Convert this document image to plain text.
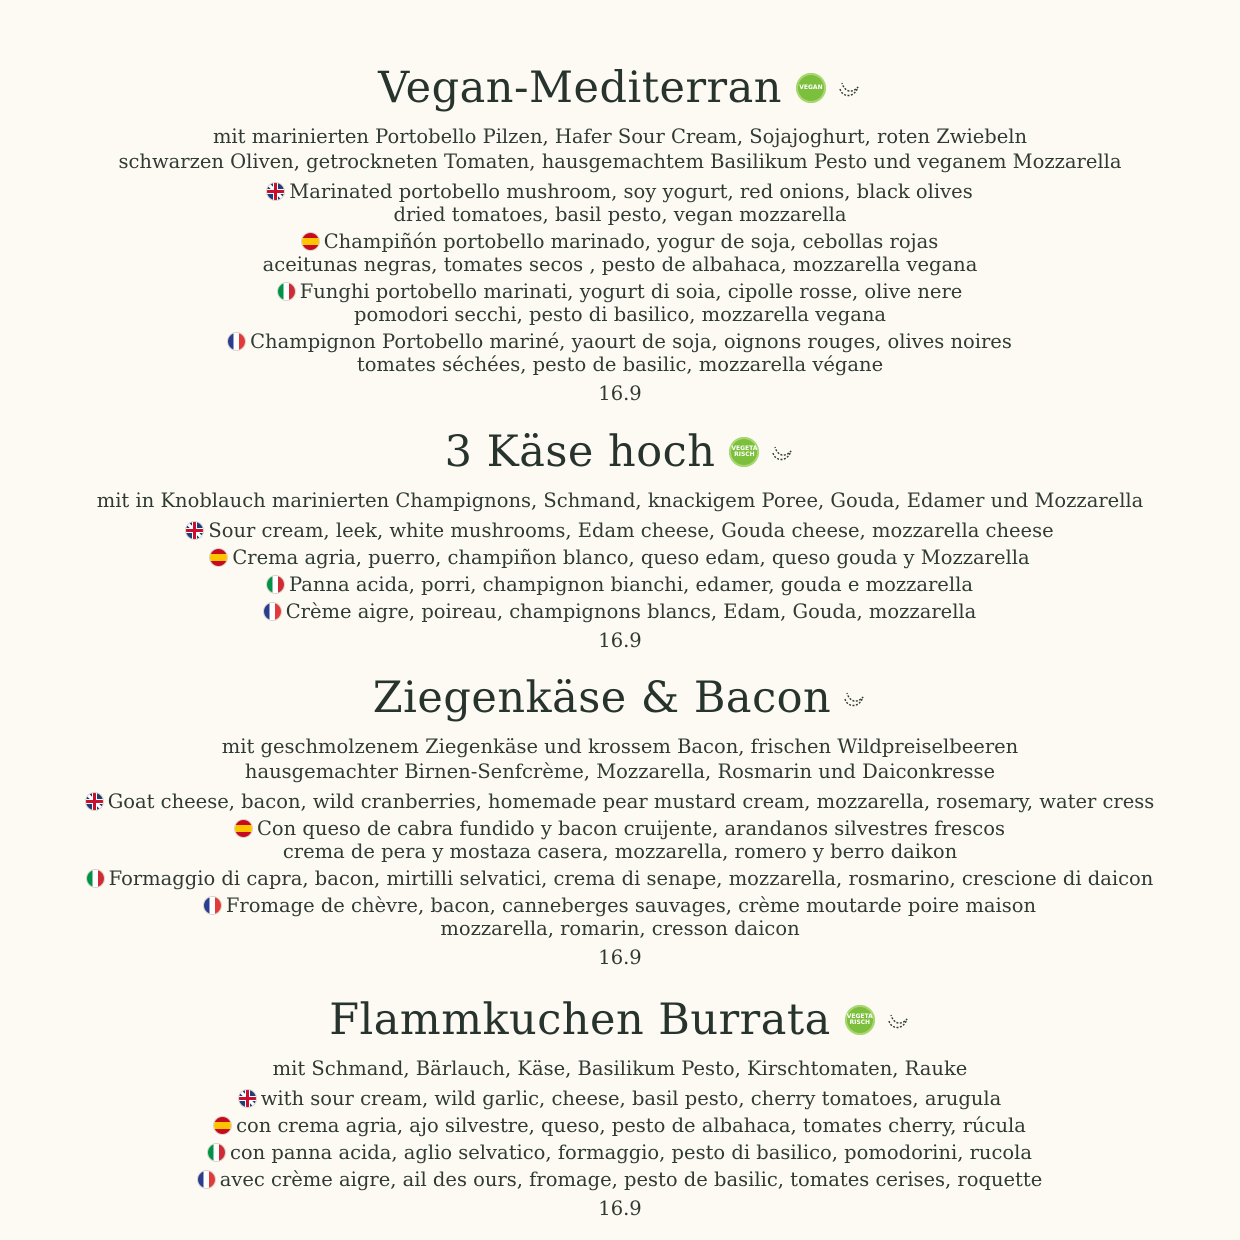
Vegan-Mediterran	VEGAN
mit marinierten Portobello Pilzen, Hafer Sour Cream, Sojajoghurt, roten Zwiebeln
schwarzen Oliven, getrockneten Tomaten, hausgemachtem Basilikum Pesto und veganem Mozzarella
Marinated portobello mushroom, soy yogurt, red onions, black olives
dried tomatoes, basil pesto, vegan mozzarella
Champiñón portobello marinado, yogur de soja, cebollas rojas
aceitunas negras, tomates secos , pesto de albahaca, mozzarella vegana
Funghi portobello marinati, yogurt di soia, cipolle rosse, olive nere
pomodori secchi, pesto di basilico, mozzarella vegana
Champignon Portobello mariné, yaourt de soja, oignons rouges, olives noires
tomates séchées, pesto de basilic, mozzarella végane
16.9
3 Käse hoch	VEGETA RISCH
mit in Knoblauch marinierten Champignons, Schmand, knackigem Poree, Gouda, Edamer und Mozzarella
Sour cream, leek, white mushrooms, Edam cheese, Gouda cheese, mozzarella cheese
Crema agria, puerro, champiñon blanco, queso edam, queso gouda y Mozzarella
Panna acida, porri, champignon bianchi, edamer, gouda e mozzarella
Crème aigre, poireau, champignons blancs, Edam, Gouda, mozzarella
16.9
Ziegenkäse & Bacon
mit geschmolzenem Ziegenkäse und krossem Bacon, frischen Wildpreiselbeeren
hausgemachter Birnen-Senfcrème, Mozzarella, Rosmarin und Daiconkresse
Goat cheese, bacon, wild cranberries, homemade pear mustard cream, mozzarella, rosemary, water cress
Con queso de cabra fundido y bacon cruijente, arandanos silvestres frescos
crema de pera y mostaza casera, mozzarella, romero y berro daikon
Formaggio di capra, bacon, mirtilli selvatici, crema di senape, mozzarella, rosmarino, crescione di daicon
Fromage de chèvre, bacon, canneberges sauvages, crème moutarde poire maison
mozzarella, romarin, cresson daicon
16.9
Flammkuchen Burrata	VEGETA RISCH
mit Schmand, Bärlauch, Käse, Basilikum Pesto, Kirschtomaten, Rauke
with sour cream, wild garlic, cheese, basil pesto, cherry tomatoes, arugula
con crema agria, ajo silvestre, queso, pesto de albahaca, tomates cherry, rúcula
con panna acida, aglio selvatico, formaggio, pesto di basilico, pomodorini, rucola
avec crème aigre, ail des ours, fromage, pesto de basilic, tomates cerises, roquette
16.9
